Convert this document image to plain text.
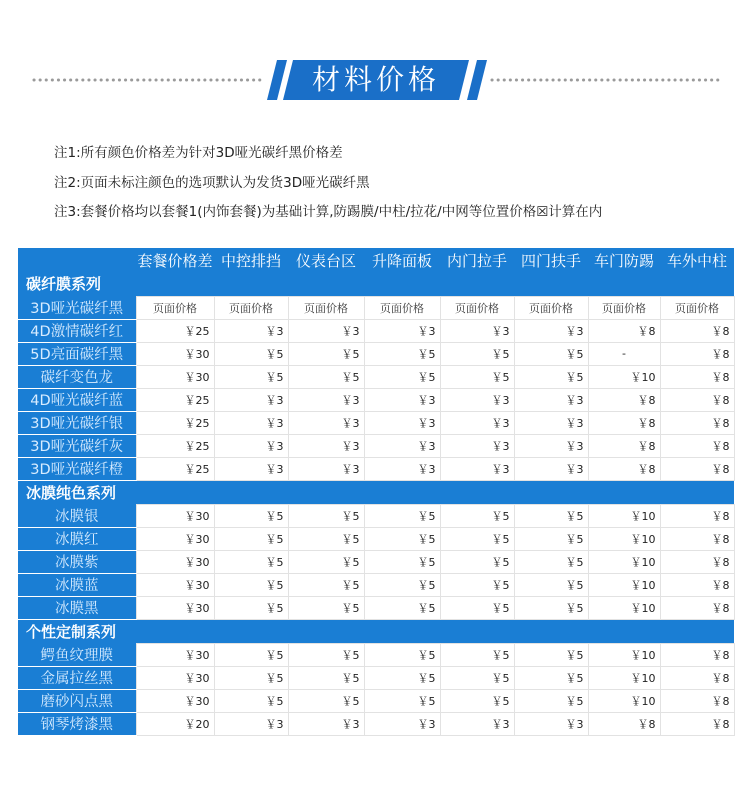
材料价格
注1:所有颜色价格差为针对3D哑光碳纤黑价格差
注2:页面未标注颜色的选项默认为发货3D哑光碳纤黑
注3:套餐价格均以套餐1(内饰套餐)为基础计算,防踢膜/中柱/拉花/中网等位置价格☒计算在内
	套餐价格差	中控排挡	仪表台区	升降面板	内门拉手	四门扶手	车门防踢	车外中柱
碳纤膜系列								
3D哑光碳纤黑	页面价格	页面价格	页面价格	页面价格	页面价格	页面价格	页面价格	页面价格
4D激情碳纤红	￥25	￥3	￥3	￥3	￥3	￥3	￥8	￥8
5D亮面碳纤黑	￥30	￥5	￥5	￥5	￥5	￥5	-	￥8
碳纤变色龙	￥30	￥5	￥5	￥5	￥5	￥5	￥10	￥8
4D哑光碳纤蓝	￥25	￥3	￥3	￥3	￥3	￥3	￥8	￥8
3D哑光碳纤银	￥25	￥3	￥3	￥3	￥3	￥3	￥8	￥8
3D哑光碳纤灰	￥25	￥3	￥3	￥3	￥3	￥3	￥8	￥8
3D哑光碳纤橙	￥25	￥3	￥3	￥3	￥3	￥3	￥8	￥8
冰膜纯色系列								
冰膜银	￥30	￥5	￥5	￥5	￥5	￥5	￥10	￥8
冰膜红	￥30	￥5	￥5	￥5	￥5	￥5	￥10	￥8
冰膜紫	￥30	￥5	￥5	￥5	￥5	￥5	￥10	￥8
冰膜蓝	￥30	￥5	￥5	￥5	￥5	￥5	￥10	￥8
冰膜黑	￥30	￥5	￥5	￥5	￥5	￥5	￥10	￥8
个性定制系列								
鳄鱼纹理膜	￥30	￥5	￥5	￥5	￥5	￥5	￥10	￥8
金属拉丝黑	￥30	￥5	￥5	￥5	￥5	￥5	￥10	￥8
磨砂闪点黑	￥30	￥5	￥5	￥5	￥5	￥5	￥10	￥8
钢琴烤漆黑	￥20	￥3	￥3	￥3	￥3	￥3	￥8	￥8
